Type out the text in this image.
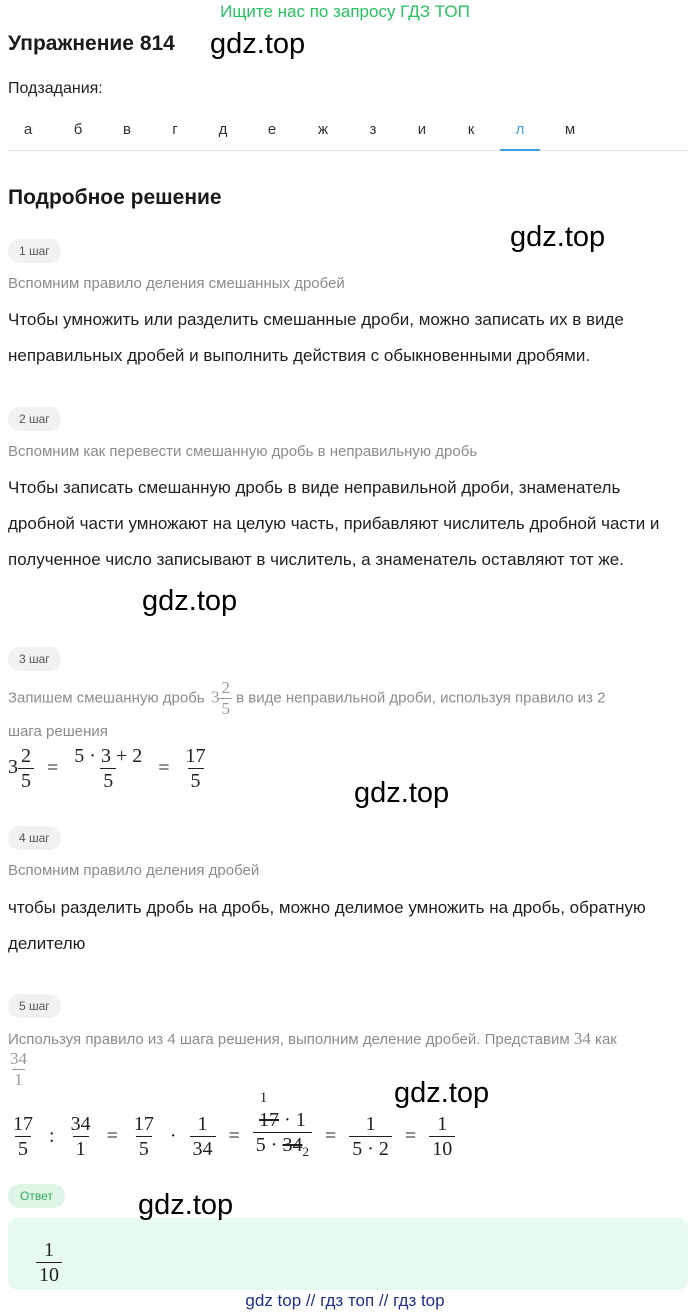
Ищите нас по запросу ГДЗ ТОП
Упражнение 814 gdz.top
Подзадания:
а	б	в	г	д	е	ж	з	и	к	л	м
Подробное решение
gdz.top
1 шаг
Вспомним правило деления смешанных дробей
Чтобы умножить или разделить смешанные дроби, можно записать их в виде неправильных дробей и выполнить действия с обыкновенными дробями.
2 шаг
Вспомним как перевести смешанную дробь в неправильную дробь
Чтобы записать смешанную дробь в виде неправильной дроби, знаменатель дробной части умножают на целую часть, прибавляют числитель дробной части и полученное число записывают в числитель, а знаменатель оставляют тот же.
gdz.top
3 шаг
Запишем смешанную дробь $3 \frac{2}{5}$ в виде неправильной дроби, используя правило из 2
шага решения
$3 \frac{2}{5} = \frac{5 \cdot 3 + 2}{5} = \frac{17}{5}$	gdz.top
4 шаг
Вспомним правило деления дробей
чтобы разделить дробь на дробь, можно делимое умножить на дробь, обратную делителю
5 шаг
Используя правило из 4 шага решения, выполним деление дробей. Представим 34 как
$\frac{34}{1}$
gdz.top
$\frac{17}{5}$ : $\frac{34}{1} = \frac{17}{5} \cdot \frac{1}{34}$ =
1
17 · 1
$5 \cdot 34_2$
= $\frac{1}{5 \cdot 2} = \frac{1}{10}$
Ответ	gdz.top
$\frac{1}{10}$
gdz top // гдз топ // гдз top
